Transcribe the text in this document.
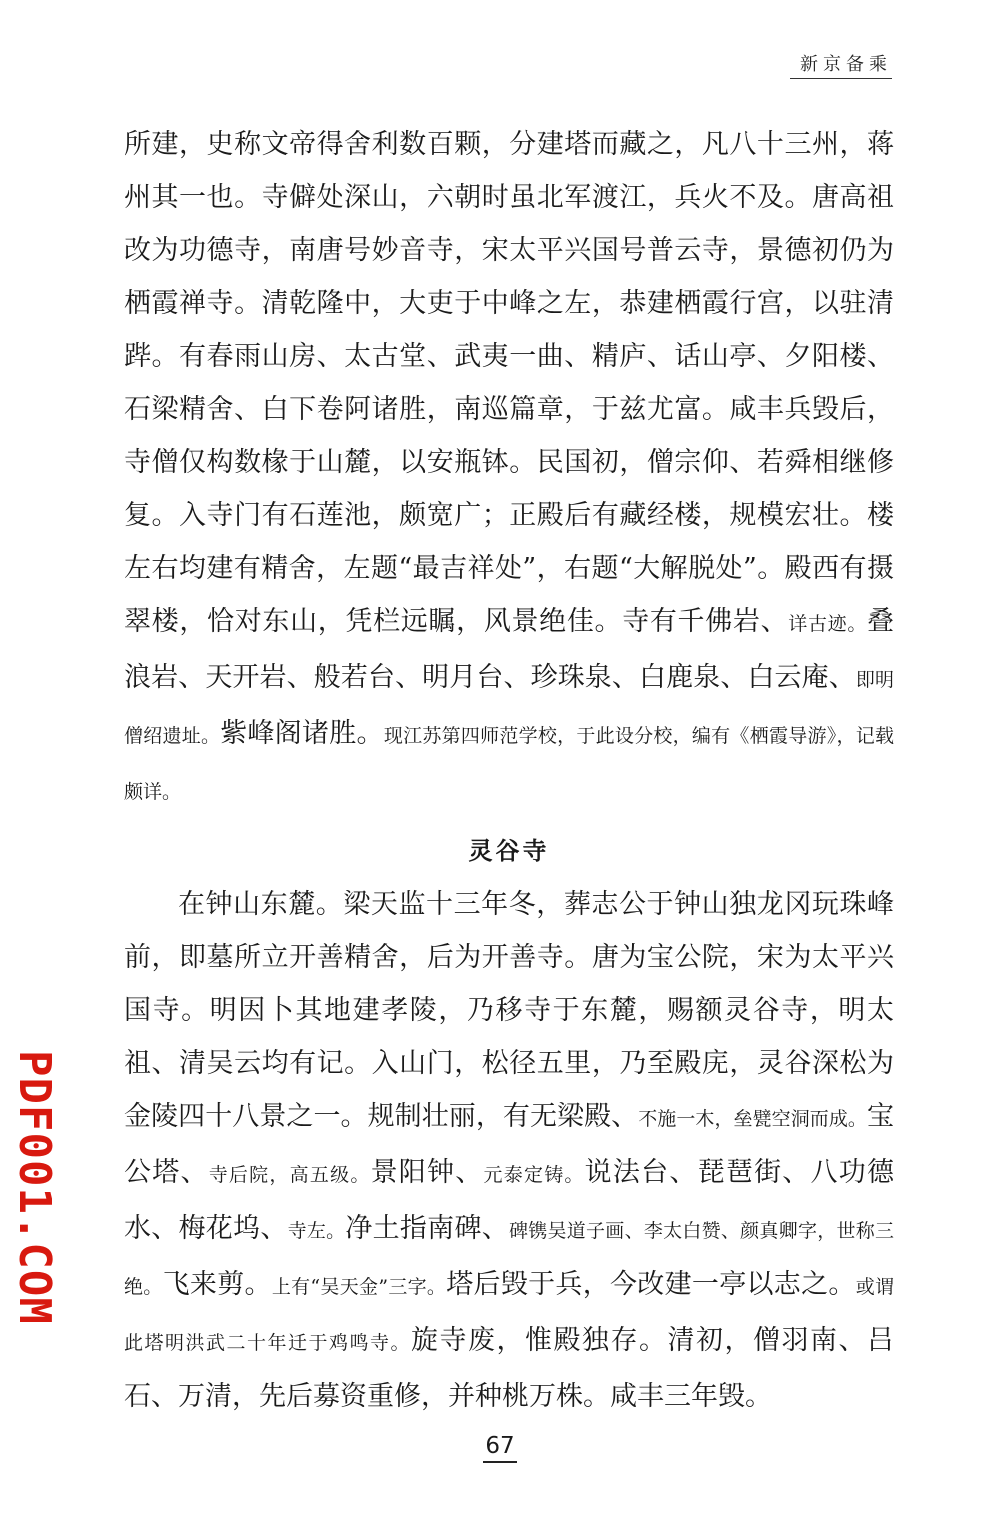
新京备乘

所建，史称文帝得舍利数百颗，分建塔而藏之，凡八十三州，蒋州其一也。寺僻处深山，六朝时虽北军渡江，兵火不及。唐高祖改为功德寺，南唐号妙音寺，宋太平兴国号普云寺，景德初仍为栖霞禅寺。清乾隆中，大吏于中峰之左，恭建栖霞行宫，以驻清跸。有春雨山房、太古堂、武夷一曲、精庐、话山亭、夕阳楼、石梁精舍、白下卷阿诸胜，南巡篇章，于兹尤富。咸丰兵毁后，寺僧仅构数椽于山麓，以安瓶钵。民国初，僧宗仰、若舜相继修复。入寺门有石莲池，颇宽广；正殿后有藏经楼，规模宏壮。楼左右均建有精舍，左题“最吉祥处”，右题“大解脱处”。殿西有摄翠楼，恰对东山，凭栏远瞩，风景绝佳。寺有千佛岩、详古迹。叠浪岩、天开岩、般若台、明月台、珍珠泉、白鹿泉、白云庵、即明僧绍遗址。紫峰阁诸胜。现江苏第四师范学校，于此设分校，编有《栖霞导游》，记载颇详。

灵谷寺

在钟山东麓。梁天监十三年冬，葬志公于钟山独龙冈玩珠峰前，即墓所立开善精舍，后为开善寺。唐为宝公院，宋为太平兴国寺。明因卜其地建孝陵，乃移寺于东麓，赐额灵谷寺，明太祖、清吴云均有记。入山门，松径五里，乃至殿庑，灵谷深松为金陵四十八景之一。规制壮丽，有无梁殿、不施一木，垒甓空洞而成。宝公塔、寺后院，高五级。景阳钟、元泰定铸。说法台、琵琶街、八功德水、梅花坞、寺左。净土指南碑、碑镌吴道子画、李太白赞、颜真卿字，世称三绝。飞来剪。上有“吴天金”三字。塔后毁于兵，今改建一亭以志之。或谓此塔明洪武二十年迁于鸡鸣寺。旋寺废，惟殿独存。清初，僧羽南、吕石、万清，先后募资重修，并种桃万株。咸丰三年毁。

67
PDF001.COM
